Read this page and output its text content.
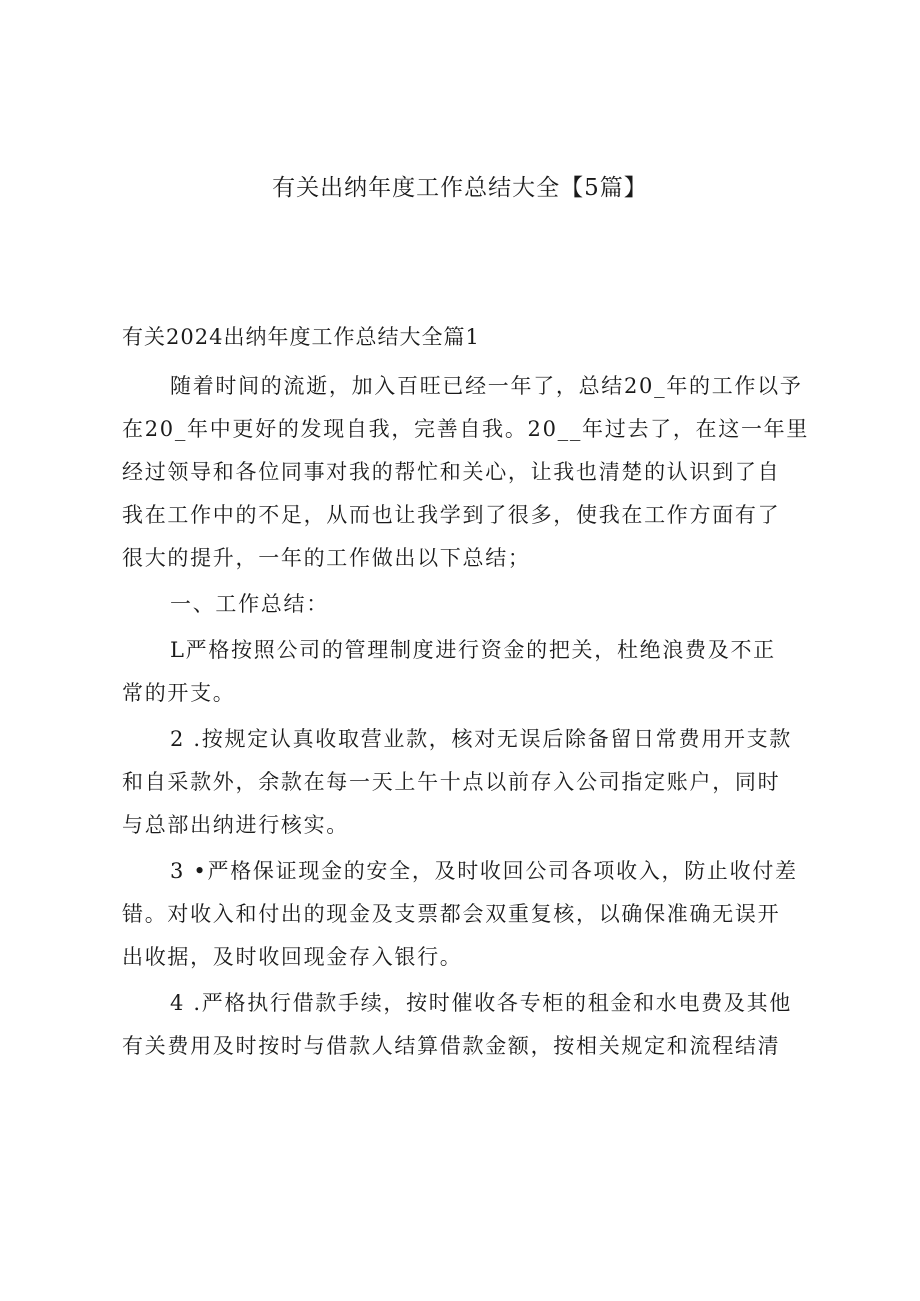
有关出纳年度工作总结大全【5篇】
有关2024出纳年度工作总结大全篇1

随着时间的流逝，加入百旺已经一年了，总结20_年的工作以予
在20_年中更好的发现自我，完善自我。20__年过去了，在这一年里
经过领导和各位同事对我的帮忙和关心，让我也清楚的认识到了自
我在工作中的不足，从而也让我学到了很多，使我在工作方面有了
很大的提升，一年的工作做出以下总结；

一、工作总结：

L严格按照公司的管理制度进行资金的把关，杜绝浪费及不正
常的开支。

2 .按规定认真收取营业款，核对无误后除备留日常费用开支款
和自采款外，余款在每一天上午十点以前存入公司指定账户，同时
与总部出纳进行核实。

3 •严格保证现金的安全，及时收回公司各项收入，防止收付差
错。对收入和付出的现金及支票都会双重复核，以确保准确无误开
出收据，及时收回现金存入银行。

4 .严格执行借款手续，按时催收各专柜的租金和水电费及其他
有关费用及时按时与借款人结算借款金额，按相关规定和流程结清
